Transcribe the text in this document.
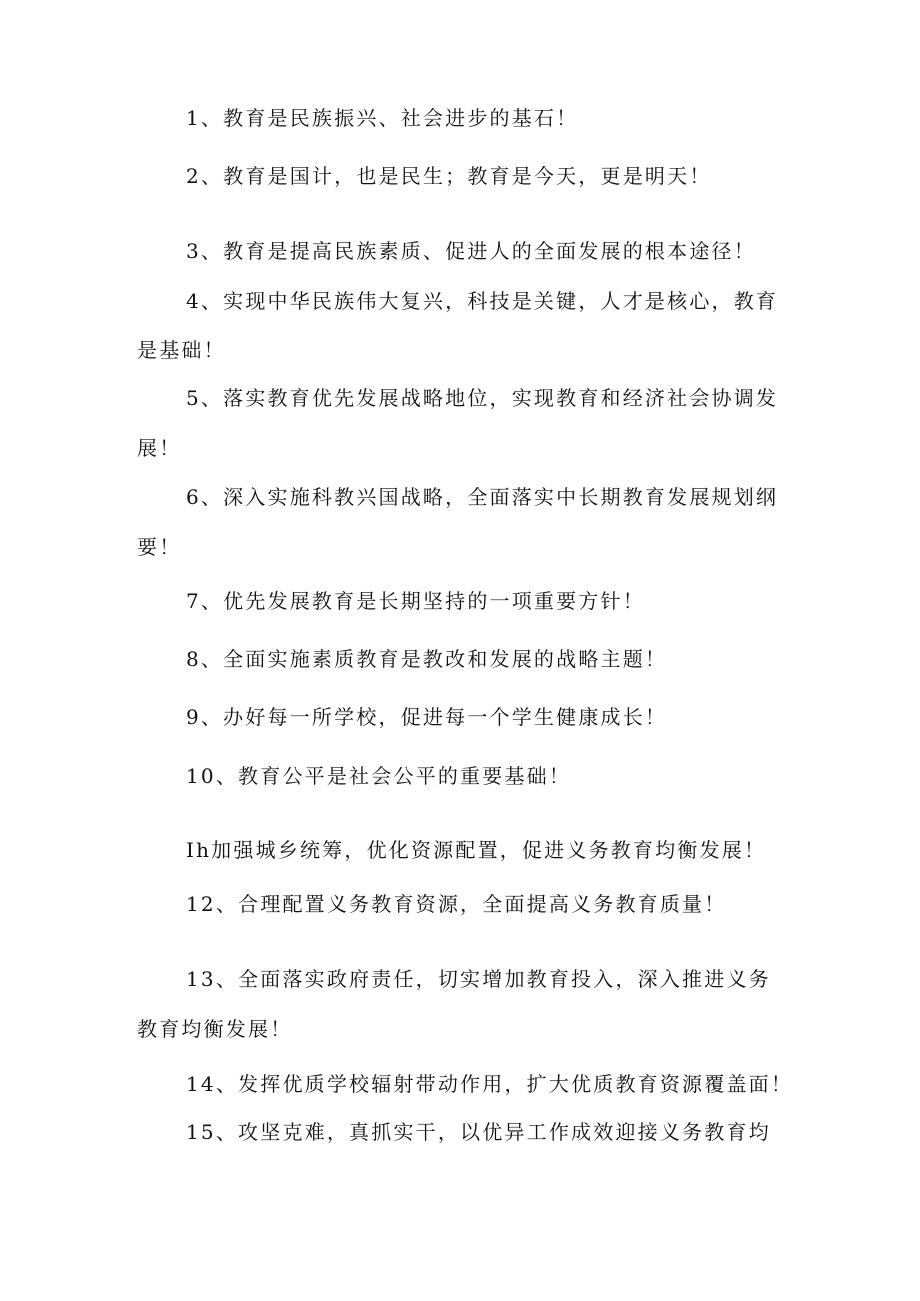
1、教育是民族振兴、社会进步的基石！
2、教育是国计，也是民生；教育是今天，更是明天！
3、教育是提高民族素质、促进人的全面发展的根本途径！
4、实现中华民族伟大复兴，科技是关键，人才是核心，教育
是基础！
5、落实教育优先发展战略地位，实现教育和经济社会协调发
展！
6、深入实施科教兴国战略，全面落实中长期教育发展规划纲
要！
7、优先发展教育是长期坚持的一项重要方针！
8、全面实施素质教育是教改和发展的战略主题！
9、办好每一所学校，促进每一个学生健康成长！
10、教育公平是社会公平的重要基础！
Ih加强城乡统筹，优化资源配置，促进义务教育均衡发展！
12、合理配置义务教育资源，全面提高义务教育质量！
13、全面落实政府责任，切实增加教育投入，深入推进义务
教育均衡发展！
14、发挥优质学校辐射带动作用，扩大优质教育资源覆盖面！
15、攻坚克难，真抓实干，以优异工作成效迎接义务教育均
